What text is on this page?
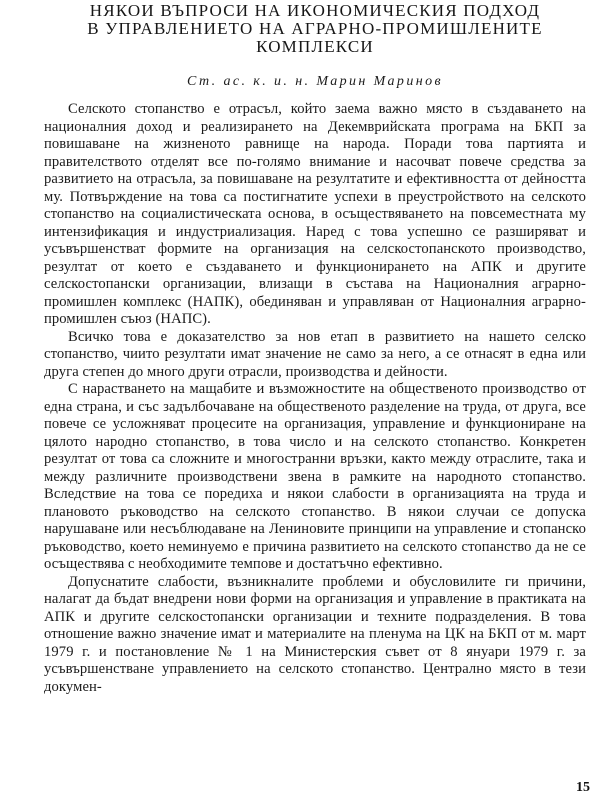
НЯКОИ ВЪПРОСИ НА ИКОНОМИЧЕСКИЯ ПОДХОД
В УПРАВЛЕНИЕТО НА АГРАРНО-ПРОМИШЛЕНИТЕ
КОМПЛЕКСИ
Ст. ас. к. и. н. Марин Маринов

Селското стопанство е отрасъл, който заема важно място в създаването на националния доход и реализирането на Декемврийската програма на БКП за повишаване на жизненото равнище на народа. Поради това партията и правителството отделят все по-голямо внимание и насочват повече средства за развитието на отрасъла, за повишаване на резултатите и ефективността от дейността му. Потвърждение на това са постигнатите успехи в преустройството на селското стопанство на социалистическата основа, в осъществяването на повсеместната му интензификация и индустриализация. Наред с това успешно се разширяват и усъвършенстват формите на организация на селскостопанското производство, резултат от което е създаването и функционирането на АПК и другите селскостопански организации, влизащи в състава на Националния аграрно-промишлен комплекс (НАПК), обединяван и управляван от Националния аграрно-промишлен съюз (НАПС).

Всичко това е доказателство за нов етап в развитието на нашето селско стопанство, чиито резултати имат значение не само за него, а се отнасят в една или друга степен до много други отрасли, производства и дейности.

С нарастването на мащабите и възможностите на общественото производство от една страна, и със задълбочаване на общественото разделение на труда, от друга, все повече се усложняват процесите на организация, управление и функциониране на цялото народно стопанство, в това число и на селското стопанство. Конкретен резултат от това са сложните и многостранни връзки, както между отраслите, така и между различните производствени звена в рамките на народното стопанство. Вследствие на това се поредиха и някои слабости в организацията на труда и плановото ръководство на селското стопанство. В някои случаи се допуска нарушаване или несъблюдаване на Лениновите принципи на управление и стопанско ръководство, което неминуемо е причина развитието на селското стопанство да не се осъществява с необходимите темпове и достатъчно ефективно.

Допуснатите слабости, възникналите проблеми и обусловилите ги причини, налагат да бъдат внедрени нови форми на организация и управление в практиката на АПК и другите селскостопански организации и техните подразделения. В това отношение важно значение имат и материалите на пленума на ЦК на БКП от м. март 1979 г. и постановление № 1 на Министерския съвет от 8 януари 1979 г. за усъвършенстване управлението на селското стопанство. Централно място в тези докумен-

15
